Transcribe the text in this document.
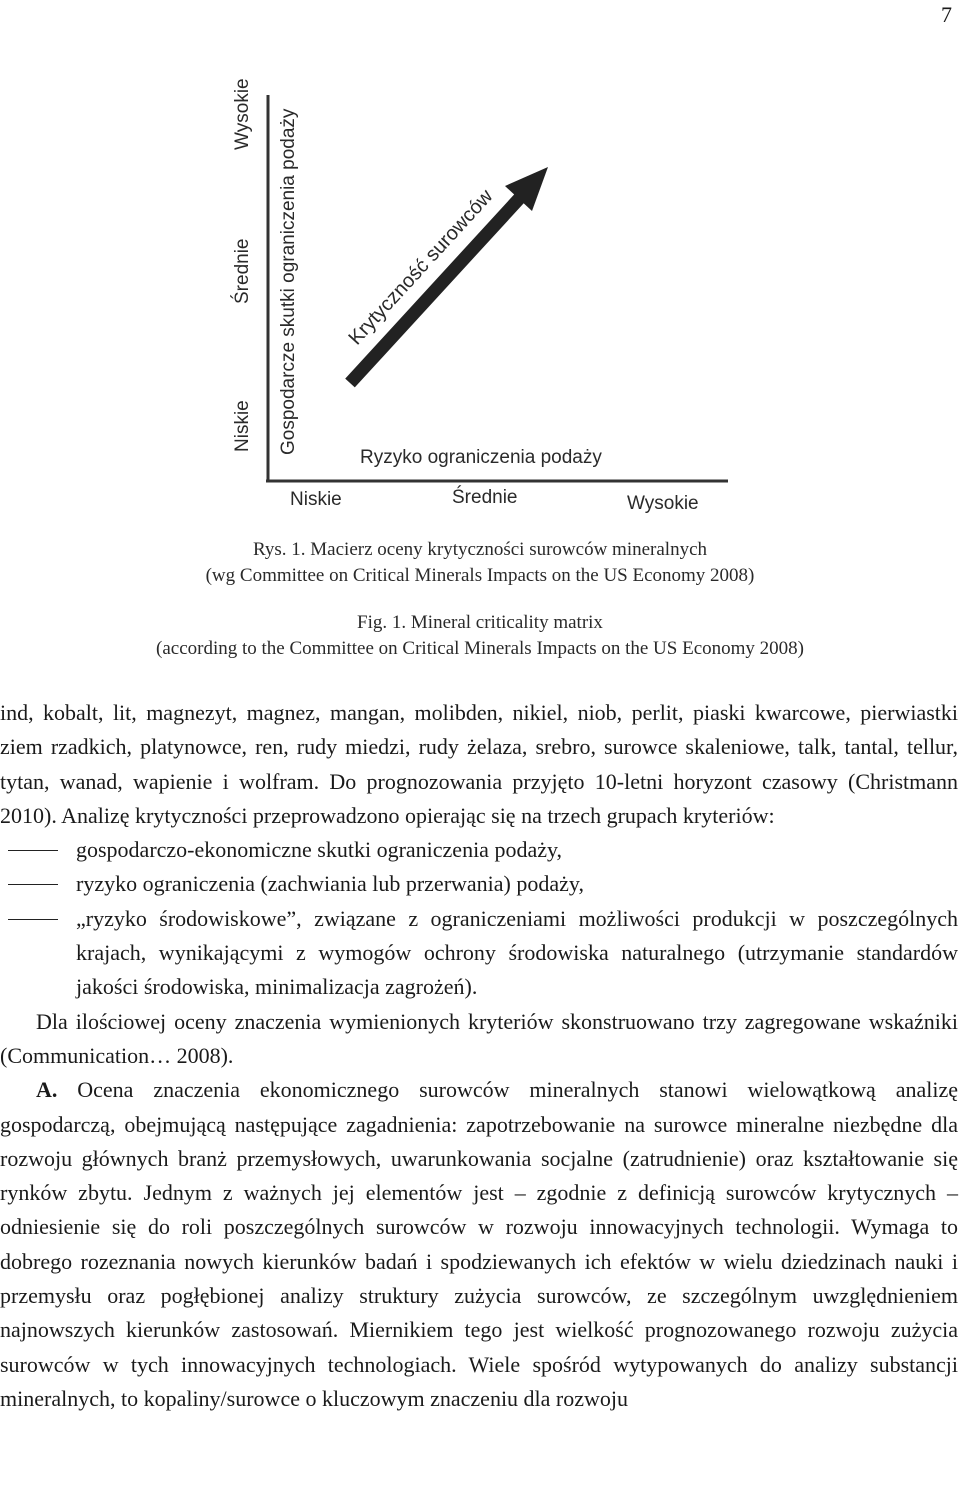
7
Niskie
Średnie
Wysokie Gospodarcze skutki ograniczenia podaży Krytyczność surowców
Ryzyko ograniczenia podaży
Niskie	Średnie	Wysokie
Rys. 1. Macierz oceny krytyczności surowców mineralnych
(wg Committee on Critical Minerals Impacts on the US Economy 2008)
Fig. 1. Mineral criticality matrix
(according to the Committee on Critical Minerals Impacts on the US Economy 2008)

ind, kobalt, lit, magnezyt, magnez, mangan, molibden, nikiel, niob, perlit, piaski kwarcowe, pierwiastki ziem rzadkich, platynowce, ren, rudy miedzi, rudy żelaza, srebro, surowce skaleniowe, talk, tantal, tellur, tytan, wanad, wapienie i wolfram. Do prognozowania przyjęto 10-letni horyzont czasowy (Christmann 2010). Analizę krytyczności przeprowadzono opierając się na trzech grupach kryteriów:

gospodarczo-ekonomiczne skutki ograniczenia podaży,

ryzyko ograniczenia (zachwiania lub przerwania) podaży,

„ryzyko środowiskowe”, związane z ograniczeniami możliwości produkcji w poszczególnych krajach, wynikającymi z wymogów ochrony środowiska naturalnego (utrzymanie standardów jakości środowiska, minimalizacja zagrożeń).

Dla ilościowej oceny znaczenia wymienionych kryteriów skonstruowano trzy zagregowane wskaźniki (Communication… 2008).

A. Ocena znaczenia ekonomicznego surowców mineralnych stanowi wielowątkową analizę gospodarczą, obejmującą następujące zagadnienia: zapotrzebowanie na surowce mineralne niezbędne dla rozwoju głównych branż przemysłowych, uwarunkowania socjalne (zatrudnienie) oraz kształtowanie się rynków zbytu. Jednym z ważnych jej elementów jest – zgodnie z definicją surowców krytycznych – odniesienie się do roli poszczególnych surowców w rozwoju innowacyjnych technologii. Wymaga to dobrego rozeznania nowych kierunków badań i spodziewanych ich efektów w wielu dziedzinach nauki i przemysłu oraz pogłębionej analizy struktury zużycia surowców, ze szczególnym uwzględnieniem najnowszych kierunków zastosowań. Miernikiem tego jest wielkość prognozowanego rozwoju zużycia surowców w tych innowacyjnych technologiach. Wiele spośród wytypowanych do analizy substancji mineralnych, to kopaliny/surowce o kluczowym znaczeniu dla rozwoju
